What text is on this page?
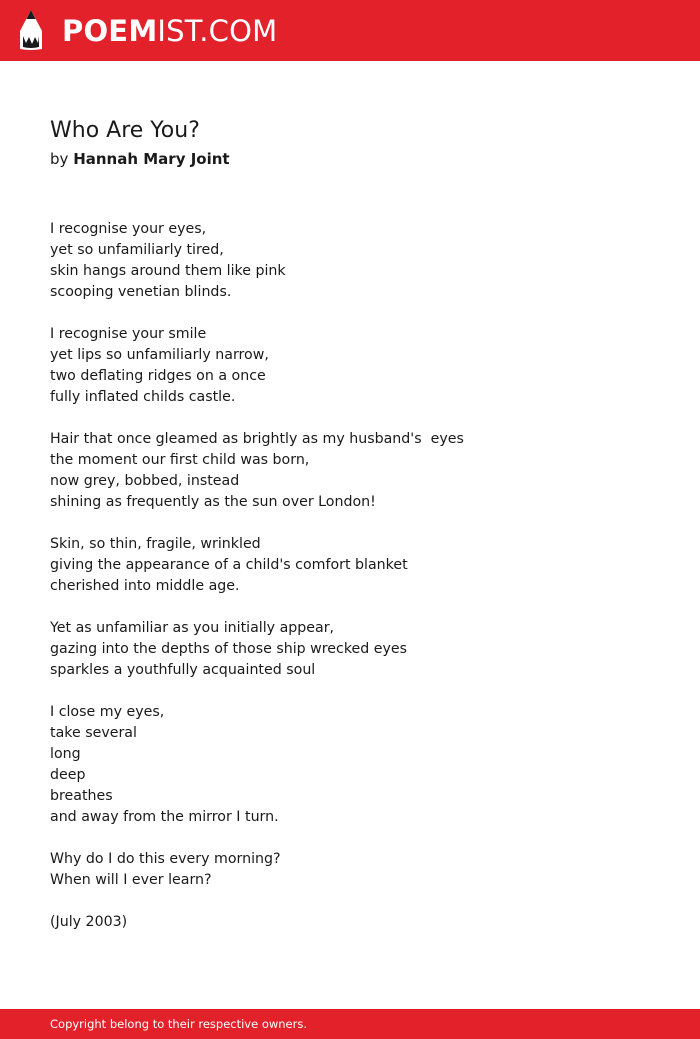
POEMIST.COM
Who Are You?
by Hannah Mary Joint
I recognise your eyes,
yet so unfamiliarly tired,
skin hangs around them like pink
scooping venetian blinds.
I recognise your smile
yet lips so unfamiliarly narrow,
two deflating ridges on a once
fully inflated childs castle.
Hair that once gleamed as brightly as my husband's  eyes
the moment our first child was born,
now grey, bobbed, instead
shining as frequently as the sun over London!
Skin, so thin, fragile, wrinkled
giving the appearance of a child's comfort blanket
cherished into middle age.
Yet as unfamiliar as you initially appear,
gazing into the depths of those ship wrecked eyes
sparkles a youthfully acquainted soul
I close my eyes,
take several
long
deep
breathes
and away from the mirror I turn.
Why do I do this every morning?
When will I ever learn?
(July 2003)
Copyright belong to their respective owners.
